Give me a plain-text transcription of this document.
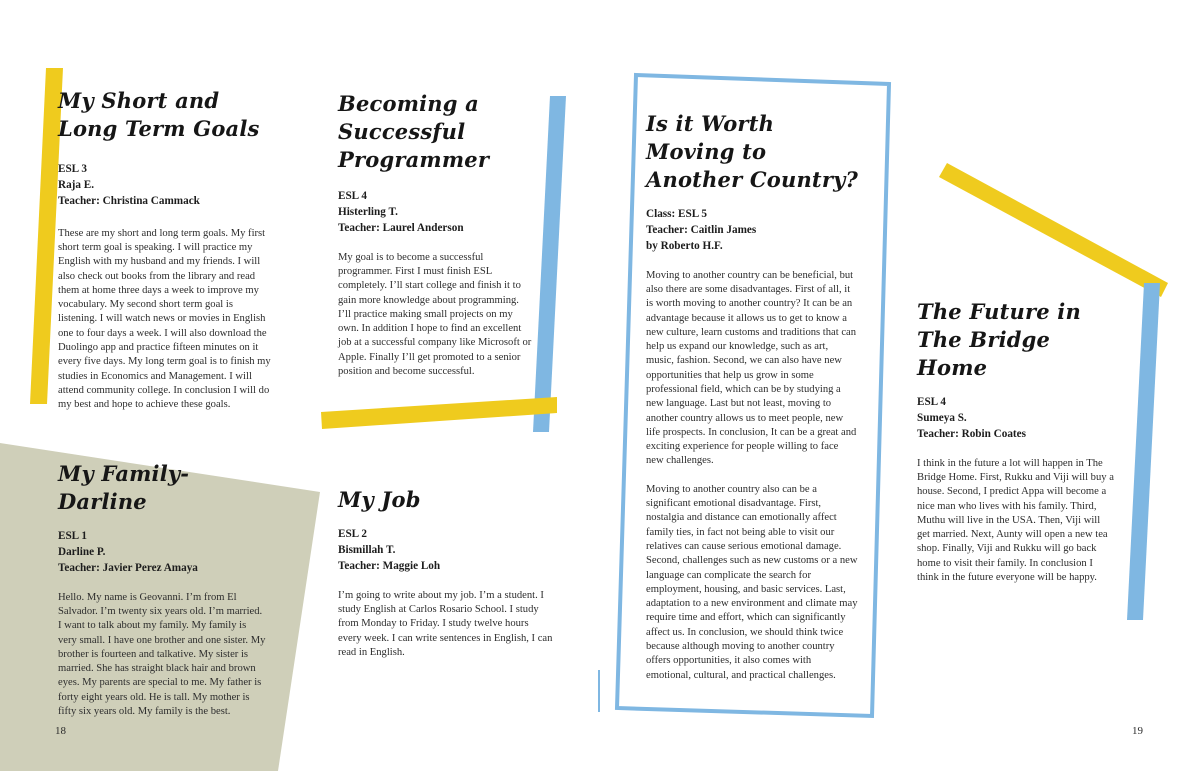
My Short and Long Term Goals
ESL 3
Raja E.
Teacher: Christina Cammack

These are my short and long term goals. My first short term goal is speaking. I will practice my English with my husband and my friends. I will also check out books from the library and read them at home three days a week to improve my vocabulary. My second short term goal is listening. I will watch news or movies in English one to four days a week. I will also download the Duolingo app and practice fifteen minutes on it every five days. My long term goal is to finish my studies in Economics and Management. I will attend community college. In conclusion I will do my best and hope to achieve these goals.

My Family-Darline
ESL 1
Darline P.
Teacher: Javier Perez Amaya

Hello. My name is Geovanni. I’m from El Salvador. I’m twenty six years old. I’m married. I want to talk about my family. My family is very small. I have one brother and one sister. My brother is fourteen and talkative. My sister is married. She has straight black hair and brown eyes. My parents are special to me. My father is forty eight years old. He is tall. My mother is fifty six years old. My family is the best.

Becoming a Successful Programmer
ESL 4
Histerling T.
Teacher: Laurel Anderson

My goal is to become a successful programmer. First I must finish ESL completely. I’ll start college and finish it to gain more knowledge about programming. I’ll practice making small projects on my own. In addition I hope to find an excellent job at a successful company like Microsoft or Apple. Finally I’ll get promoted to a senior position and become successful.

My Job
ESL 2
Bismillah T.
Teacher: Maggie Loh

I’m going to write about my job. I’m a student. I study English at Carlos Rosario School. I study from Monday to Friday. I study twelve hours every week. I can write sentences in English, I can read in English.

Is it Worth Moving to Another Country?
Class: ESL 5
Teacher: Caitlin James
by Roberto H.F.

Moving to another country can be beneficial, but also there are some disadvantages. First of all, it is worth moving to another country? It can be an advantage because it allows us to get to know a new culture, learn customs and traditions that can help us expand our knowledge, such as art, music, fashion. Second, we can also have new opportunities that help us grow in some professional field, which can be by studying a new language. Last but not least, moving to another country allows us to meet people, new life prospects. In conclusion, It can be a great and exciting experience for people willing to face new challenges.

Moving to another country also can be a significant emotional disadvantage. First, nostalgia and distance can emotionally affect family ties, in fact not being able to visit our relatives can cause serious emotional damage. Second, challenges such as new customs or a new language can complicate the search for employment, housing, and basic services. Last, adaptation to a new environment and climate may require time and effort, which can significantly affect us. In conclusion, we should think twice because although moving to another country offers opportunities, it also comes with emotional, cultural, and practical challenges.

The Future in The Bridge Home
ESL 4
Sumeya S.
Teacher: Robin Coates

I think in the future a lot will happen in The Bridge Home. First, Rukku and Viji will buy a house. Second, I predict Appa will become a nice man who lives with his family. Third, Muthu will live in the USA. Then, Viji will get married. Next, Aunty will open a new tea shop. Finally, Viji and Rukku will go back home to visit their family. In conclusion I think in the future everyone will be happy.

18	19
